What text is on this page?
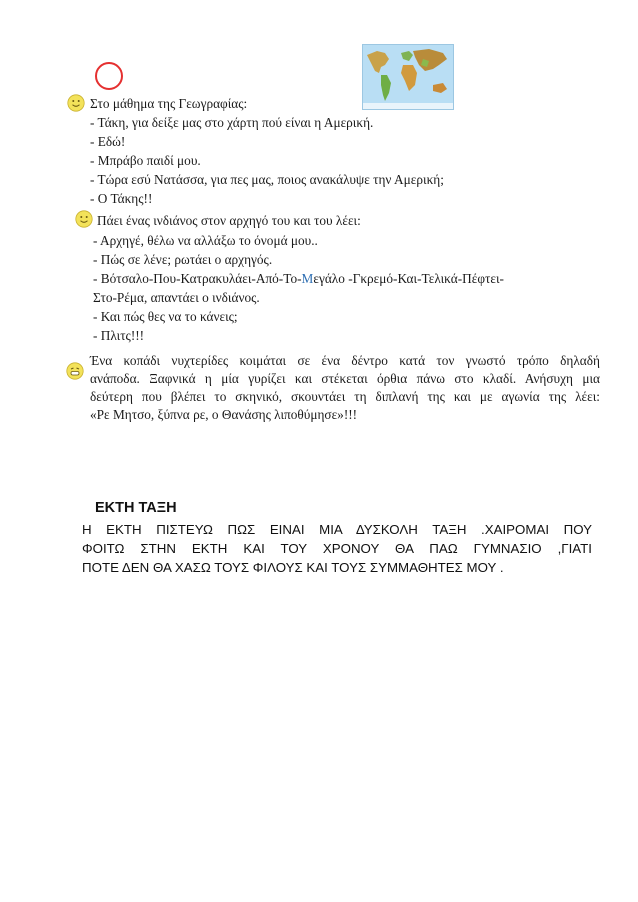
Στο μάθημα της Γεωγραφίας:
- Τάκη, για δείξε μας στο χάρτη πού είναι η Αμερική.
- Εδώ!
- Μπράβο παιδί μου.
- Τώρα εσύ Νατάσσα, για πες μας, ποιος ανακάλυψε την Αμερική;
- Ο Τάκης!!
Πάει ένας ινδιάνος στον αρχηγό του και του λέει:
- Αρχηγέ, θέλω να αλλάξω το όνομά μου..
- Πώς σε λένε; ρωτάει ο αρχηγός.
- Βότσαλο-Που-Κατρακυλάει-Από-Το-Mεγάλο -Γκρεμό-Και-Τελικά-Πέφτει-
Στο-Ρέμα, απαντάει ο ινδιάνος.
- Και πώς θες να το κάνεις;
- Πλιτς!!!
Ένα κοπάδι νυχτερίδες κοιμάται σε ένα δέντρο κατά τον γνωστό τρόπο δηλαδή
ανάποδα. Ξαφνικά η μία γυρίζει και στέκεται όρθια πάνω στο κλαδί. Ανήσυχη μια
δεύτερη που βλέπει το σκηνικό, σκουντάει τη διπλανή της και με αγωνία της λέει:
«Ρε Μητσο, ξύπνα ρε, ο Θανάσης λιποθύμησε»!!!
ΕΚΤΗ ΤΑΞΗ
Η ΕΚΤΗ ΠΙΣΤΕΥΩ ΠΩΣ ΕΙΝΑΙ ΜΙΑ ΔΥΣΚΟΛΗ ΤΑΞΗ .ΧΑΙΡΟΜΑΙ ΠΟΥ
ΦΟΙΤΩ ΣΤΗΝ ΕΚΤΗ ΚΑΙ ΤΟΥ ΧΡΟΝΟΥ ΘΑ ΠΑΩ ΓΥΜΝΑΣΙΟ ,ΓΙΑΤΙ
ΠΟΤΕ ΔΕΝ ΘΑ ΧΑΣΩ ΤΟΥΣ ΦΙΛΟΥΣ ΚΑΙ ΤΟΥΣ ΣΥΜΜΑΘΗΤΕΣ ΜΟΥ .
